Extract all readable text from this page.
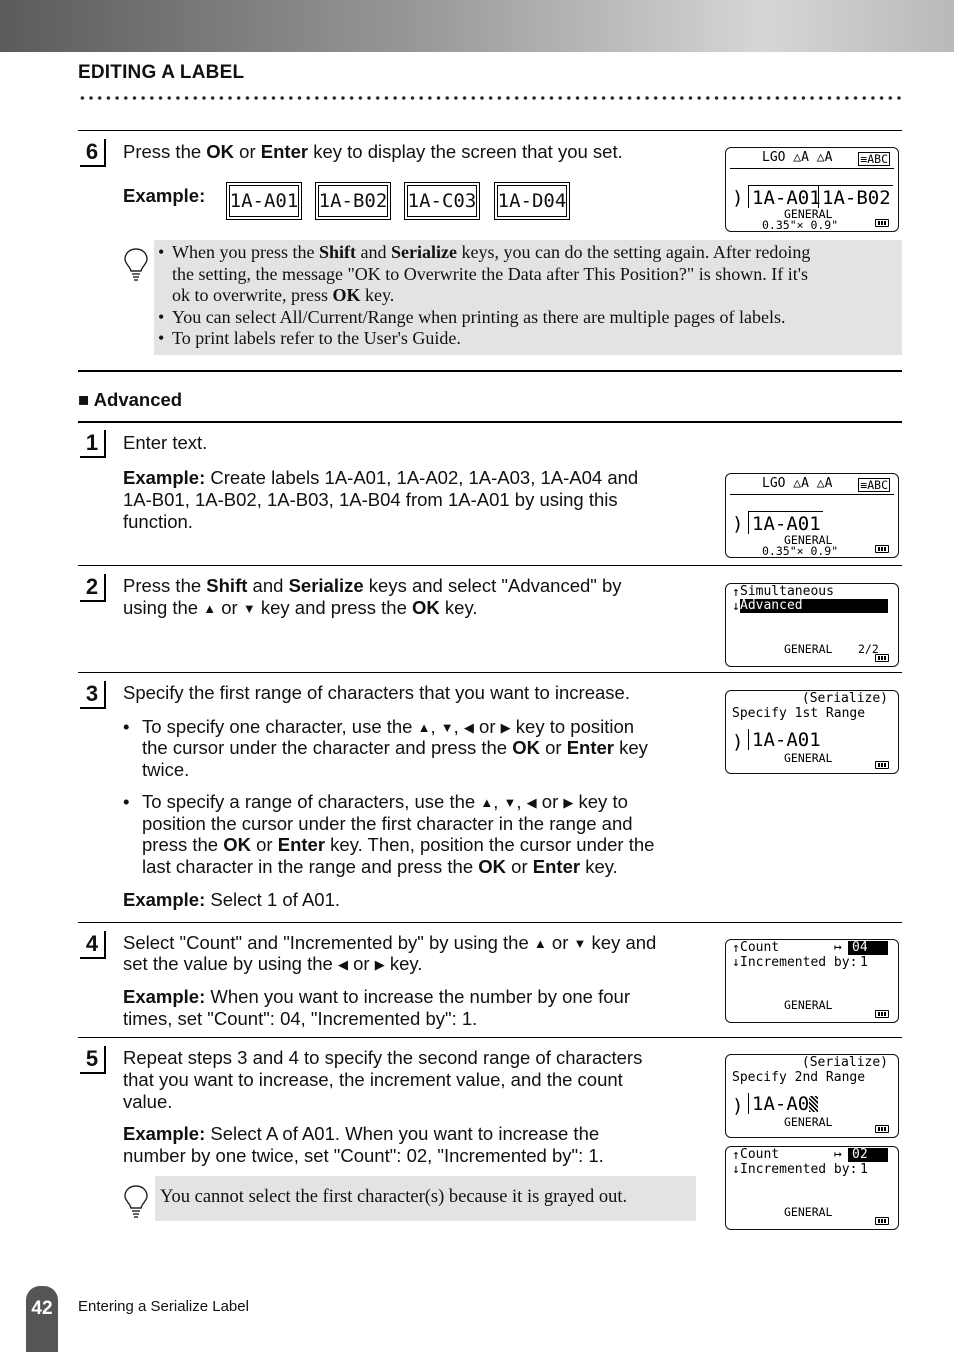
EDITING A LABEL
6	Press the OK or Enter key to display the screen that you set.
Example: 1A-A01 1A-B02 1A-C03 1A-D04
LGO △A △A ≡ABC
) 1A-A01 1A-B02
GENERAL
0.35"× 0.9"
• When you press the Shift and Serialize keys, you can do the setting again. After redoing
the setting, the message "OK to Overwrite the Data after This Position?" is shown. If it's
ok to overwrite, press OK key.
• You can select All/Current/Range when printing as there are multiple pages of labels.
• To print labels refer to the User's Guide.
■ Advanced
1	Enter text.
Example: Create labels 1A-A01, 1A-A02, 1A-A03, 1A-A04 and
1A-B01, 1A-B02, 1A-B03, 1A-B04 from 1A-A01 by using this
function.
LGO △A △A ≡ABC
) 1A-A01
GENERAL
0.35"× 0.9"
2	Press the Shift and Serialize keys and select "Advanced" by
using the ▲ or ▼ key and press the OK key.
↑ Simultaneous
↓ Advanced
GENERAL 2/2
3	Specify the first range of characters that you want to increase.
• To specify one character, use the ▲, ▼, ◀ or ▶ key to position
the cursor under the character and press the OK or Enter key
twice.
• To specify a range of characters, use the ▲, ▼, ◀ or ▶ key to
position the cursor under the first character in the range and
press the OK or Enter key. Then, position the cursor under the
last character in the range and press the OK or Enter key.
Example: Select 1 of A01.
(Serialize)
Specify 1st Range
) 1A-A01
GENERAL
4	Select "Count" and "Incremented by" by using the ▲ or ▼ key and
set the value by using the ◀ or ▶ key.
Example: When you want to increase the number by one four
times, set "Count": 04, "Incremented by": 1.
↑ Count	↦ 04
↓ Incremented by: 1
GENERAL
5	Repeat steps 3 and 4 to specify the second range of characters
that you want to increase, the increment value, and the count
value.
Example: Select A of A01. When you want to increase the
number by one twice, set "Count": 02, "Incremented by": 1.
You cannot select the first character(s) because it is grayed out.
(Serialize)
Specify 2nd Range
) 1A-A0
GENERAL
↑ Count	↦ 02
↓ Incremented by: 1
GENERAL
42	Entering a Serialize Label
